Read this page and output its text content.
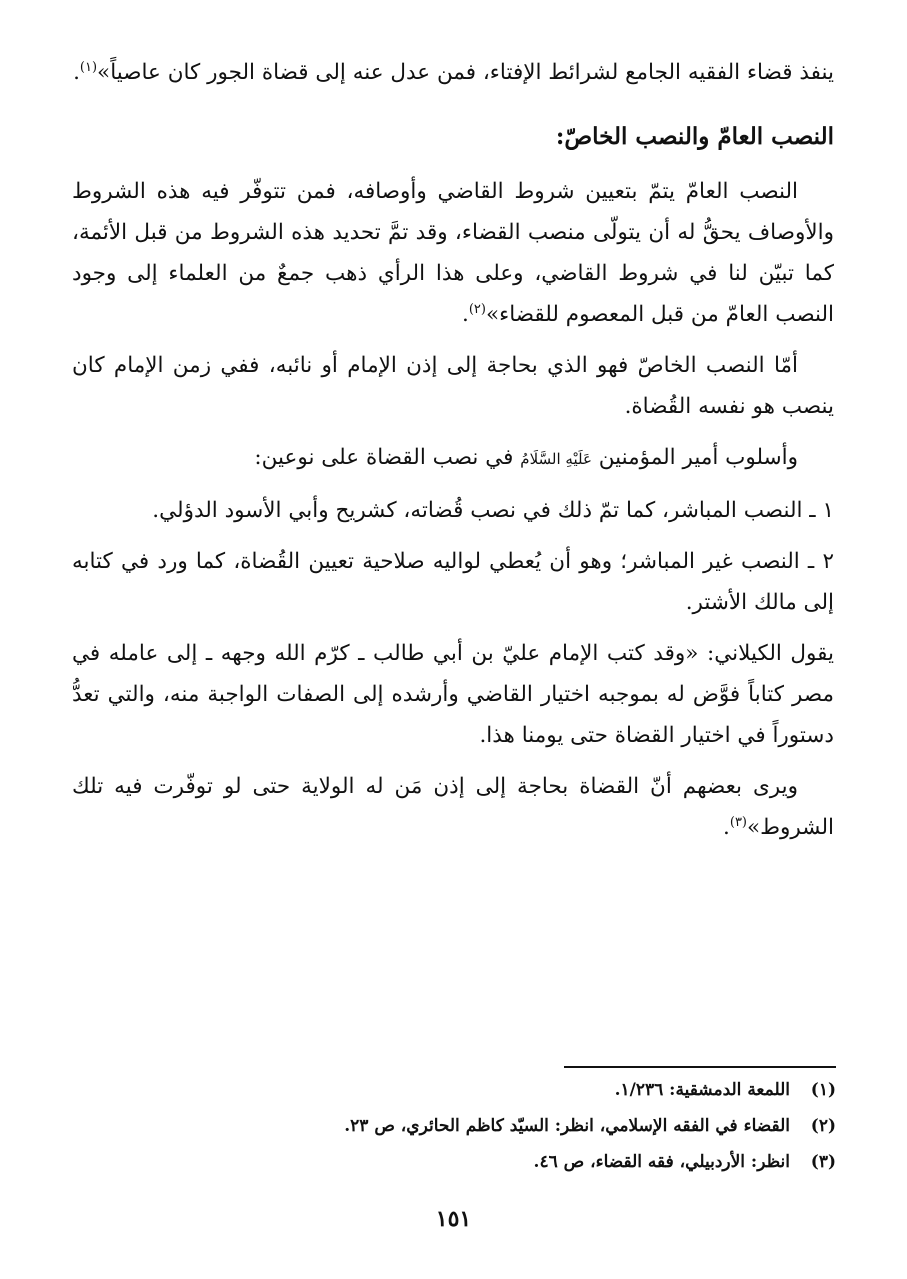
ينفذ قضاء الفقيه الجامع لشرائط الإفتاء، فمن عدل عنه إلى قضاة الجور كان عاصياً»$^{(١)}$.

النصب العامّ والنصب الخاصّ:

النصب العامّ يتمّ بتعيين شروط القاضي وأوصافه، فمن تتوفّر فيه هذه الشروط والأوصاف يحقُّ له أن يتولّى منصب القضاء، وقد تمَّ تحديد هذه الشروط من قبل الأئمة، كما تبيّن لنا في شروط القاضي، وعلى هذا الرأي ذهب جمعٌ من العلماء إلى وجود النصب العامّ من قبل المعصوم للقضاء»$^{(٢)}$.

أمّا النصب الخاصّ فهو الذي بحاجة إلى إذن الإمام أو نائبه، ففي زمن الإمام كان ينصب هو نفسه القُضاة.

وأسلوب أمير المؤمنين عَلَيْهِ السَّلَامُ في نصب القضاة على نوعين:

١ ـ النصب المباشر، كما تمّ ذلك في نصب قُضاته، كشريح وأبي الأسود الدؤلي.

٢ ـ النصب غير المباشر؛ وهو أن يُعطي لواليه صلاحية تعيين القُضاة، كما ورد في كتابه إلى مالك الأشتر.

يقول الكيلاني: «وقد كتب الإمام عليّ بن أبي طالب ـ كرّم الله وجهه ـ إلى عامله في مصر كتاباً فوَّض له بموجبه اختيار القاضي وأرشده إلى الصفات الواجبة منه، والتي تعدُّ دستوراً في اختيار القضاة حتى يومنا هذا.

ويرى بعضهم أنّ القضاة بحاجة إلى إذن مَن له الولاية حتى لو توفّرت فيه تلك الشروط»$^{(٣)}$.

(١)
اللمعة الدمشقية: ١/٢٣٦.
(٢)
القضاء في الفقه الإسلامي، انظر: السيّد كاظم الحائري، ص ٢٣.
(٣)
انظر: الأردبيلي، فقه القضاء، ص ٤٦.
١٥١
